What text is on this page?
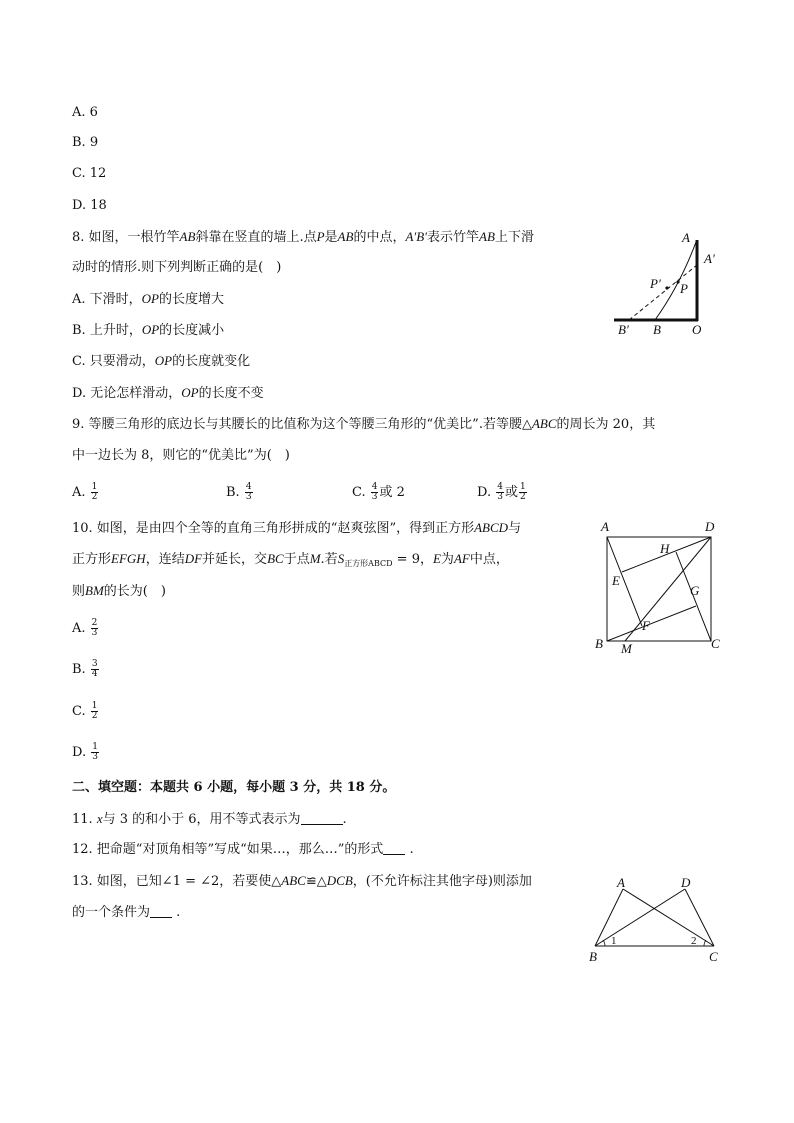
A. 6
B. 9
C. 12
D. 18
8. 如图，一根竹竿AB斜靠在竖直的墙上.点P是AB的中点，A′B′表示竹竿AB上下滑
动时的情形.则下列判断正确的是(　)
A. 下滑时，OP的长度增大
B. 上升时，OP的长度减小
C. 只要滑动，OP的长度就变化
D. 无论怎样滑动，OP的长度不变
A
A′
P′ P
B′ B O
9. 等腰三角形的底边长与其腰长的比值称为这个等腰三角形的“优美比”.若等腰△ABC的周长为 20，其
中一边长为 8，则它的“优美比”为(　)
A. $\frac{1}{2}$	B. $\frac{4}{3}$	C. $\frac{4}{3}$ 或 2	D. $\frac{4}{3}$ 或 $\frac{1}{2}$
10. 如图，是由四个全等的直角三角形拼成的“赵爽弦图”，得到正方形ABCD与
正方形EFGH，连结DF并延长，交BC于点M.若$S_{正方形ABCD} = 9$，E为AF中点，
则BM的长为(　)
A. $\frac{2}{3}$
B. $\frac{3}{4}$
C. $\frac{1}{2}$
D. $\frac{1}{3}$
A	D
H
E
G
F
B M	C
二、填空题：本题共 6 小题，每小题 3 分，共 18 分。
11. x与 3 的和小于 6，用不等式表示为	.
12. 把命题“对顶角相等”写成“如果…，那么…”的形式 .
13. 如图，已知∠1 = ∠2，若要使△ABC≌△DCB，(不允许标注其他字母)则添加
的一个条件为 .
A	D
B	C
1	2
